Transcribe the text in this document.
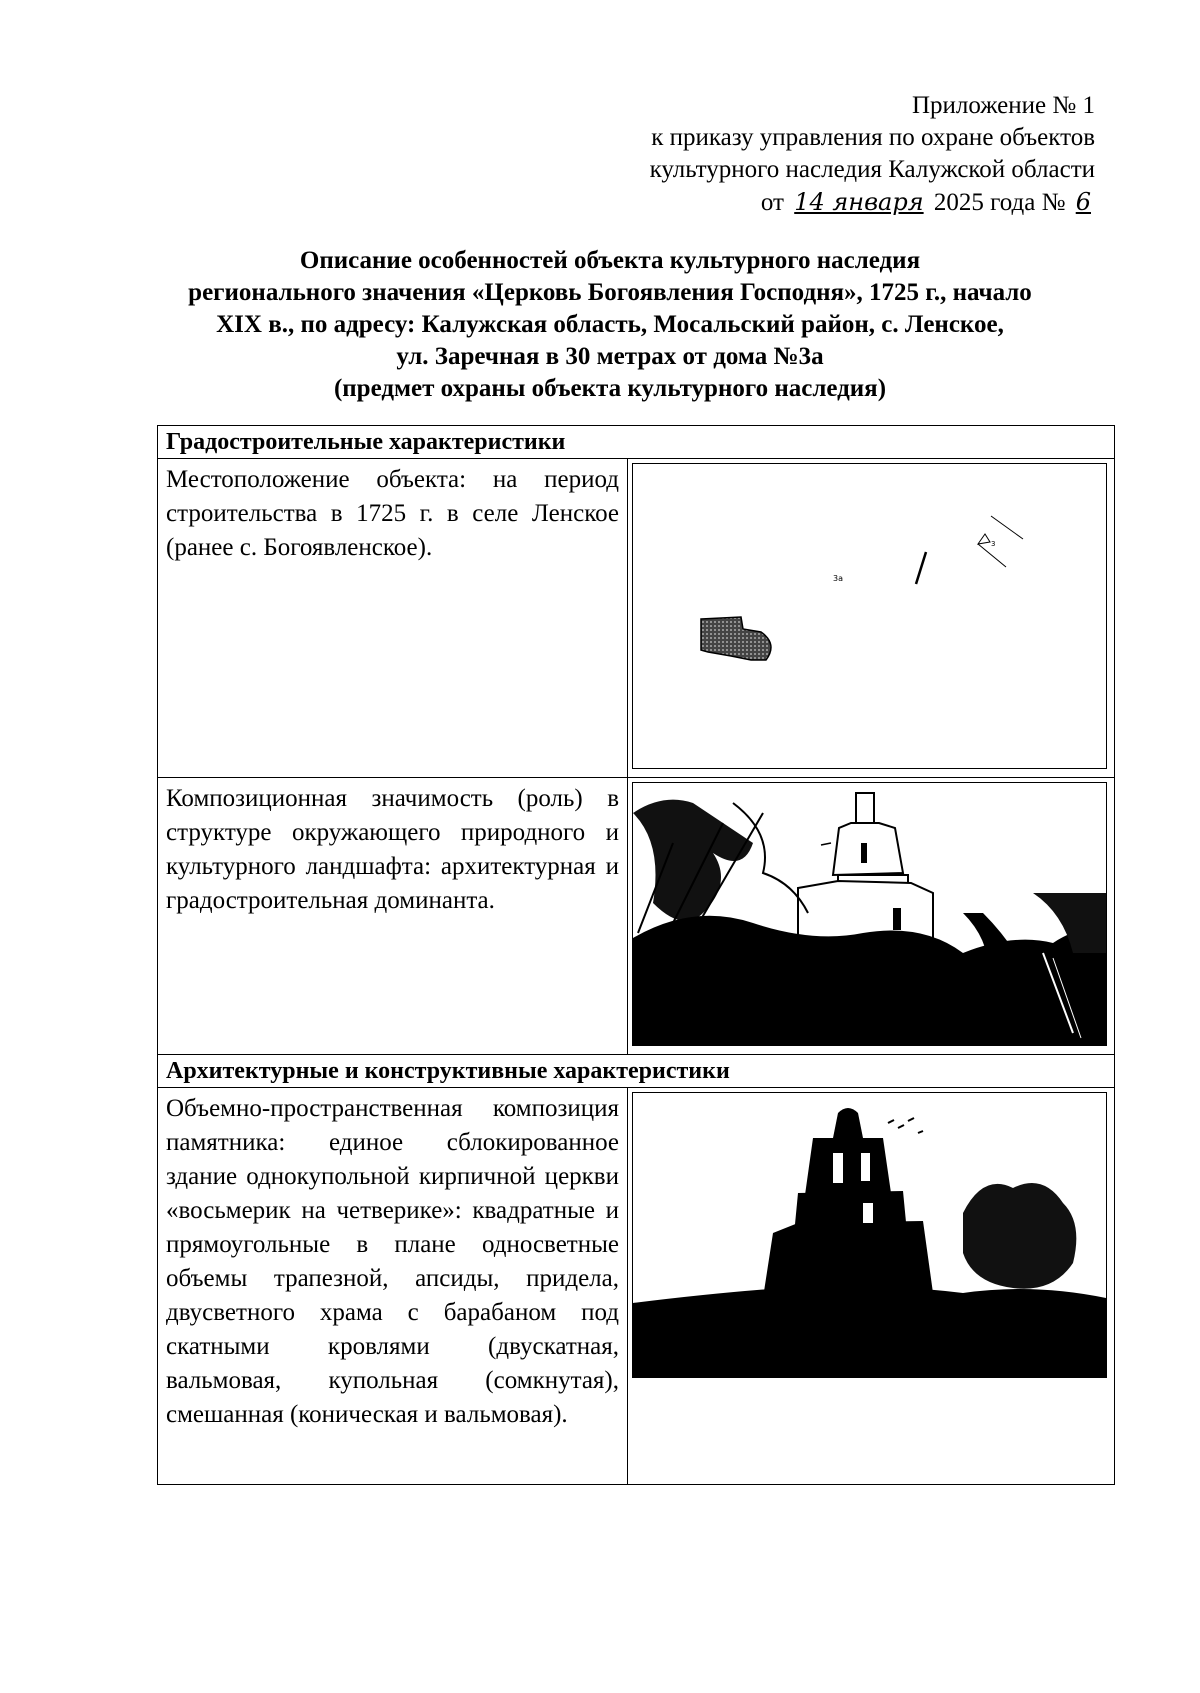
Приложение № 1
к приказу управления по охране объектов
культурного наследия Калужской области
от 14 января 2025 года № 6
Описание особенностей объекта культурного наследия
регионального значения «Церковь Богоявления Господня», 1725 г., начало
XIX в., по адресу: Калужская область, Мосальский район, с. Ленское,
ул. Заречная в 30 метрах от дома №3а
(предмет охраны объекта культурного наследия)
Градостроительные характеристики	
Местоположение объекта: на период строительства в 1725 г. в селе Ленское (ранее с. Богоявленское).	3а
3

Композиционная значимость (роль) в структуре окружающего природного и культурного ландшафта: архитектурная и градостроительная доминанта.	

Архитектурные и конструктивные характеристики	
Объемно-пространственная композиция памятника: единое сблокированное здание однокупольной кирпичной церкви «восьмерик на четверике»: квадратные и прямоугольные в плане односветные объемы трапезной, апсиды, придела, двусветного храма с барабаном под скатными кровлями (двускатная, вальмовая, купольная (сомкнутая), смешанная (коническая и вальмовая).	
